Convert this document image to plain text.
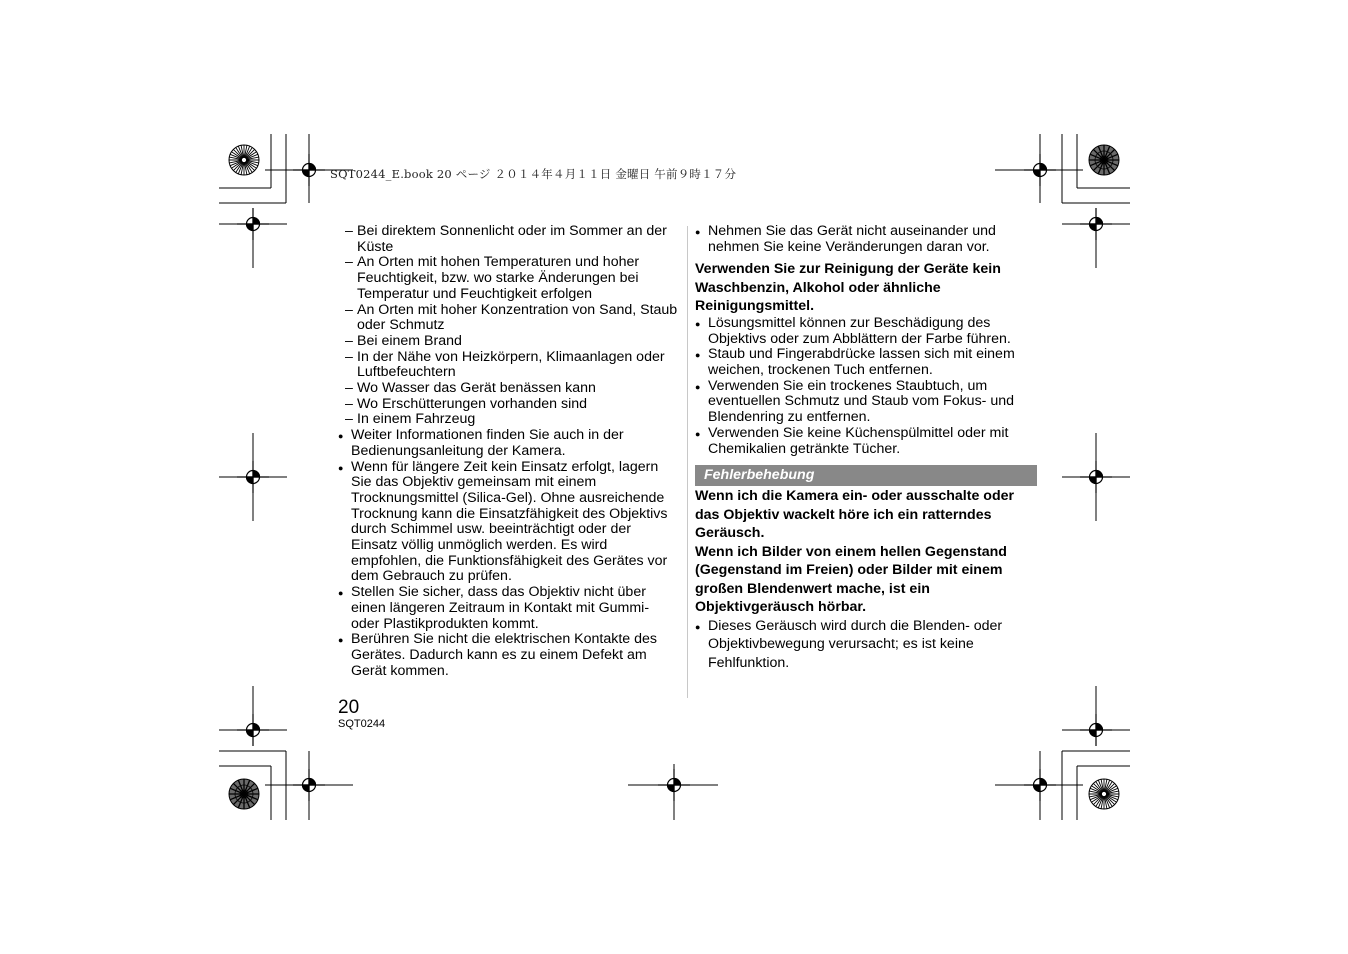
SQT0244_E.book 20 ページ ２０１４年４月１１日 金曜日 午前９時１７分
– Bei direktem Sonnenlicht oder im Sommer an der Küste
– An Orten mit hohen Temperaturen und hoher Feuchtigkeit, bzw. wo starke Änderungen bei Temperatur und Feuchtigkeit erfolgen
– An Orten mit hoher Konzentration von Sand, Staub oder Schmutz
– Bei einem Brand
– In der Nähe von Heizkörpern, Klimaanlagen oder Luftbefeuchtern
– Wo Wasser das Gerät benässen kann
– Wo Erschütterungen vorhanden sind
– In einem Fahrzeug
● Weiter Informationen finden Sie auch in der Bedienungsanleitung der Kamera.
● Wenn für längere Zeit kein Einsatz erfolgt, lagern Sie das Objektiv gemeinsam mit einem Trocknungsmittel (Silica-Gel). Ohne ausreichende Trocknung kann die Einsatzfähigkeit des Objektivs durch Schimmel usw. beeinträchtigt oder der Einsatz völlig unmöglich werden. Es wird empfohlen, die Funktionsfähigkeit des Gerätes vor dem Gebrauch zu prüfen.
● Stellen Sie sicher, dass das Objektiv nicht über einen längeren Zeitraum in Kontakt mit Gummi- oder Plastikprodukten kommt.
● Berühren Sie nicht die elektrischen Kontakte des Gerätes. Dadurch kann es zu einem Defekt am Gerät kommen.
● Nehmen Sie das Gerät nicht auseinander und nehmen Sie keine Veränderungen daran vor.
Verwenden Sie zur Reinigung der Geräte kein Waschbenzin, Alkohol oder ähnliche Reinigungsmittel.
● Lösungsmittel können zur Beschädigung des Objektivs oder zum Abblättern der Farbe führen.
● Staub und Fingerabdrücke lassen sich mit einem weichen, trockenen Tuch entfernen.
● Verwenden Sie ein trockenes Staubtuch, um eventuellen Schmutz und Staub vom Fokus- und Blendenring zu entfernen.
● Verwenden Sie keine Küchenspülmittel oder mit Chemikalien getränkte Tücher.
Fehlerbehebung
Wenn ich die Kamera ein- oder ausschalte oder das Objektiv wackelt höre ich ein ratterndes Geräusch.
Wenn ich Bilder von einem hellen Gegenstand (Gegenstand im Freien) oder Bilder mit einem großen Blendenwert mache, ist ein Objektivgeräusch hörbar.
● Dieses Geräusch wird durch die Blenden- oder Objektivbewegung verursacht; es ist keine Fehlfunktion.
20
SQT0244
